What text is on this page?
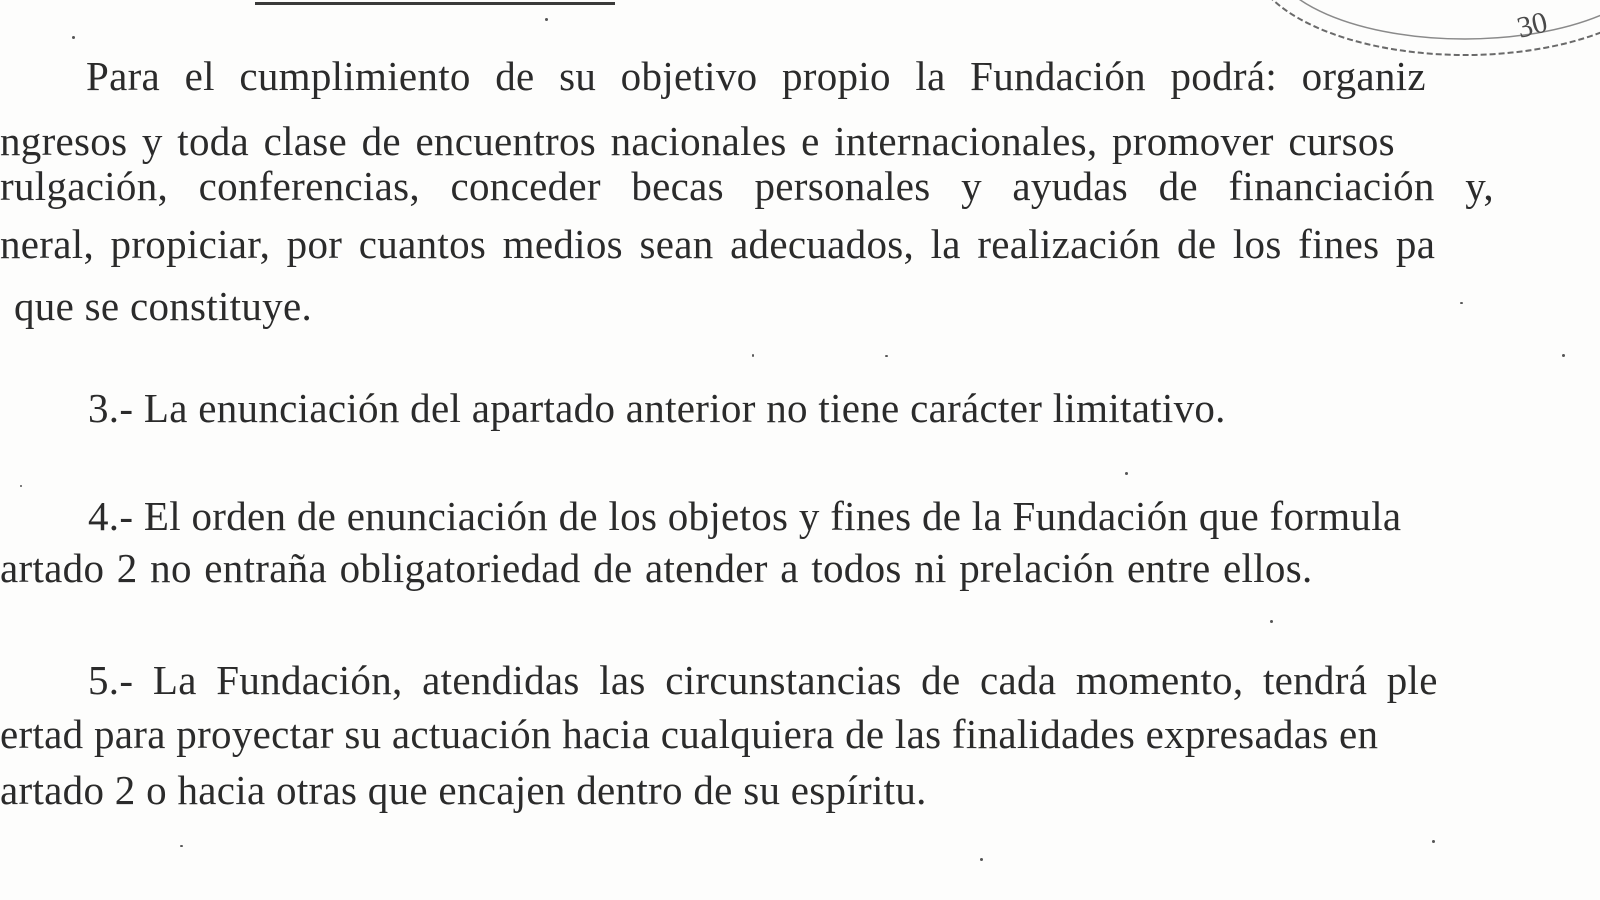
30
Para el cumplimiento de su objetivo propio la Fundación podrá: organiz
ngresos y toda clase de encuentros nacionales e internacionales, promover cursos
rulgación, conferencias, conceder becas personales y ayudas de financiación y,
neral, propiciar, por cuantos medios sean adecuados, la realización de los fines pa
que se constituye.
3.- La enunciación del apartado anterior no tiene carácter limitativo.
4.- El orden de enunciación de los objetos y fines de la Fundación que formula
artado 2 no entraña obligatoriedad de atender a todos ni prelación entre ellos.
5.- La Fundación, atendidas las circunstancias de cada momento, tendrá ple
ertad para proyectar su actuación hacia cualquiera de las finalidades expresadas en
artado 2 o hacia otras que encajen dentro de su espíritu.
